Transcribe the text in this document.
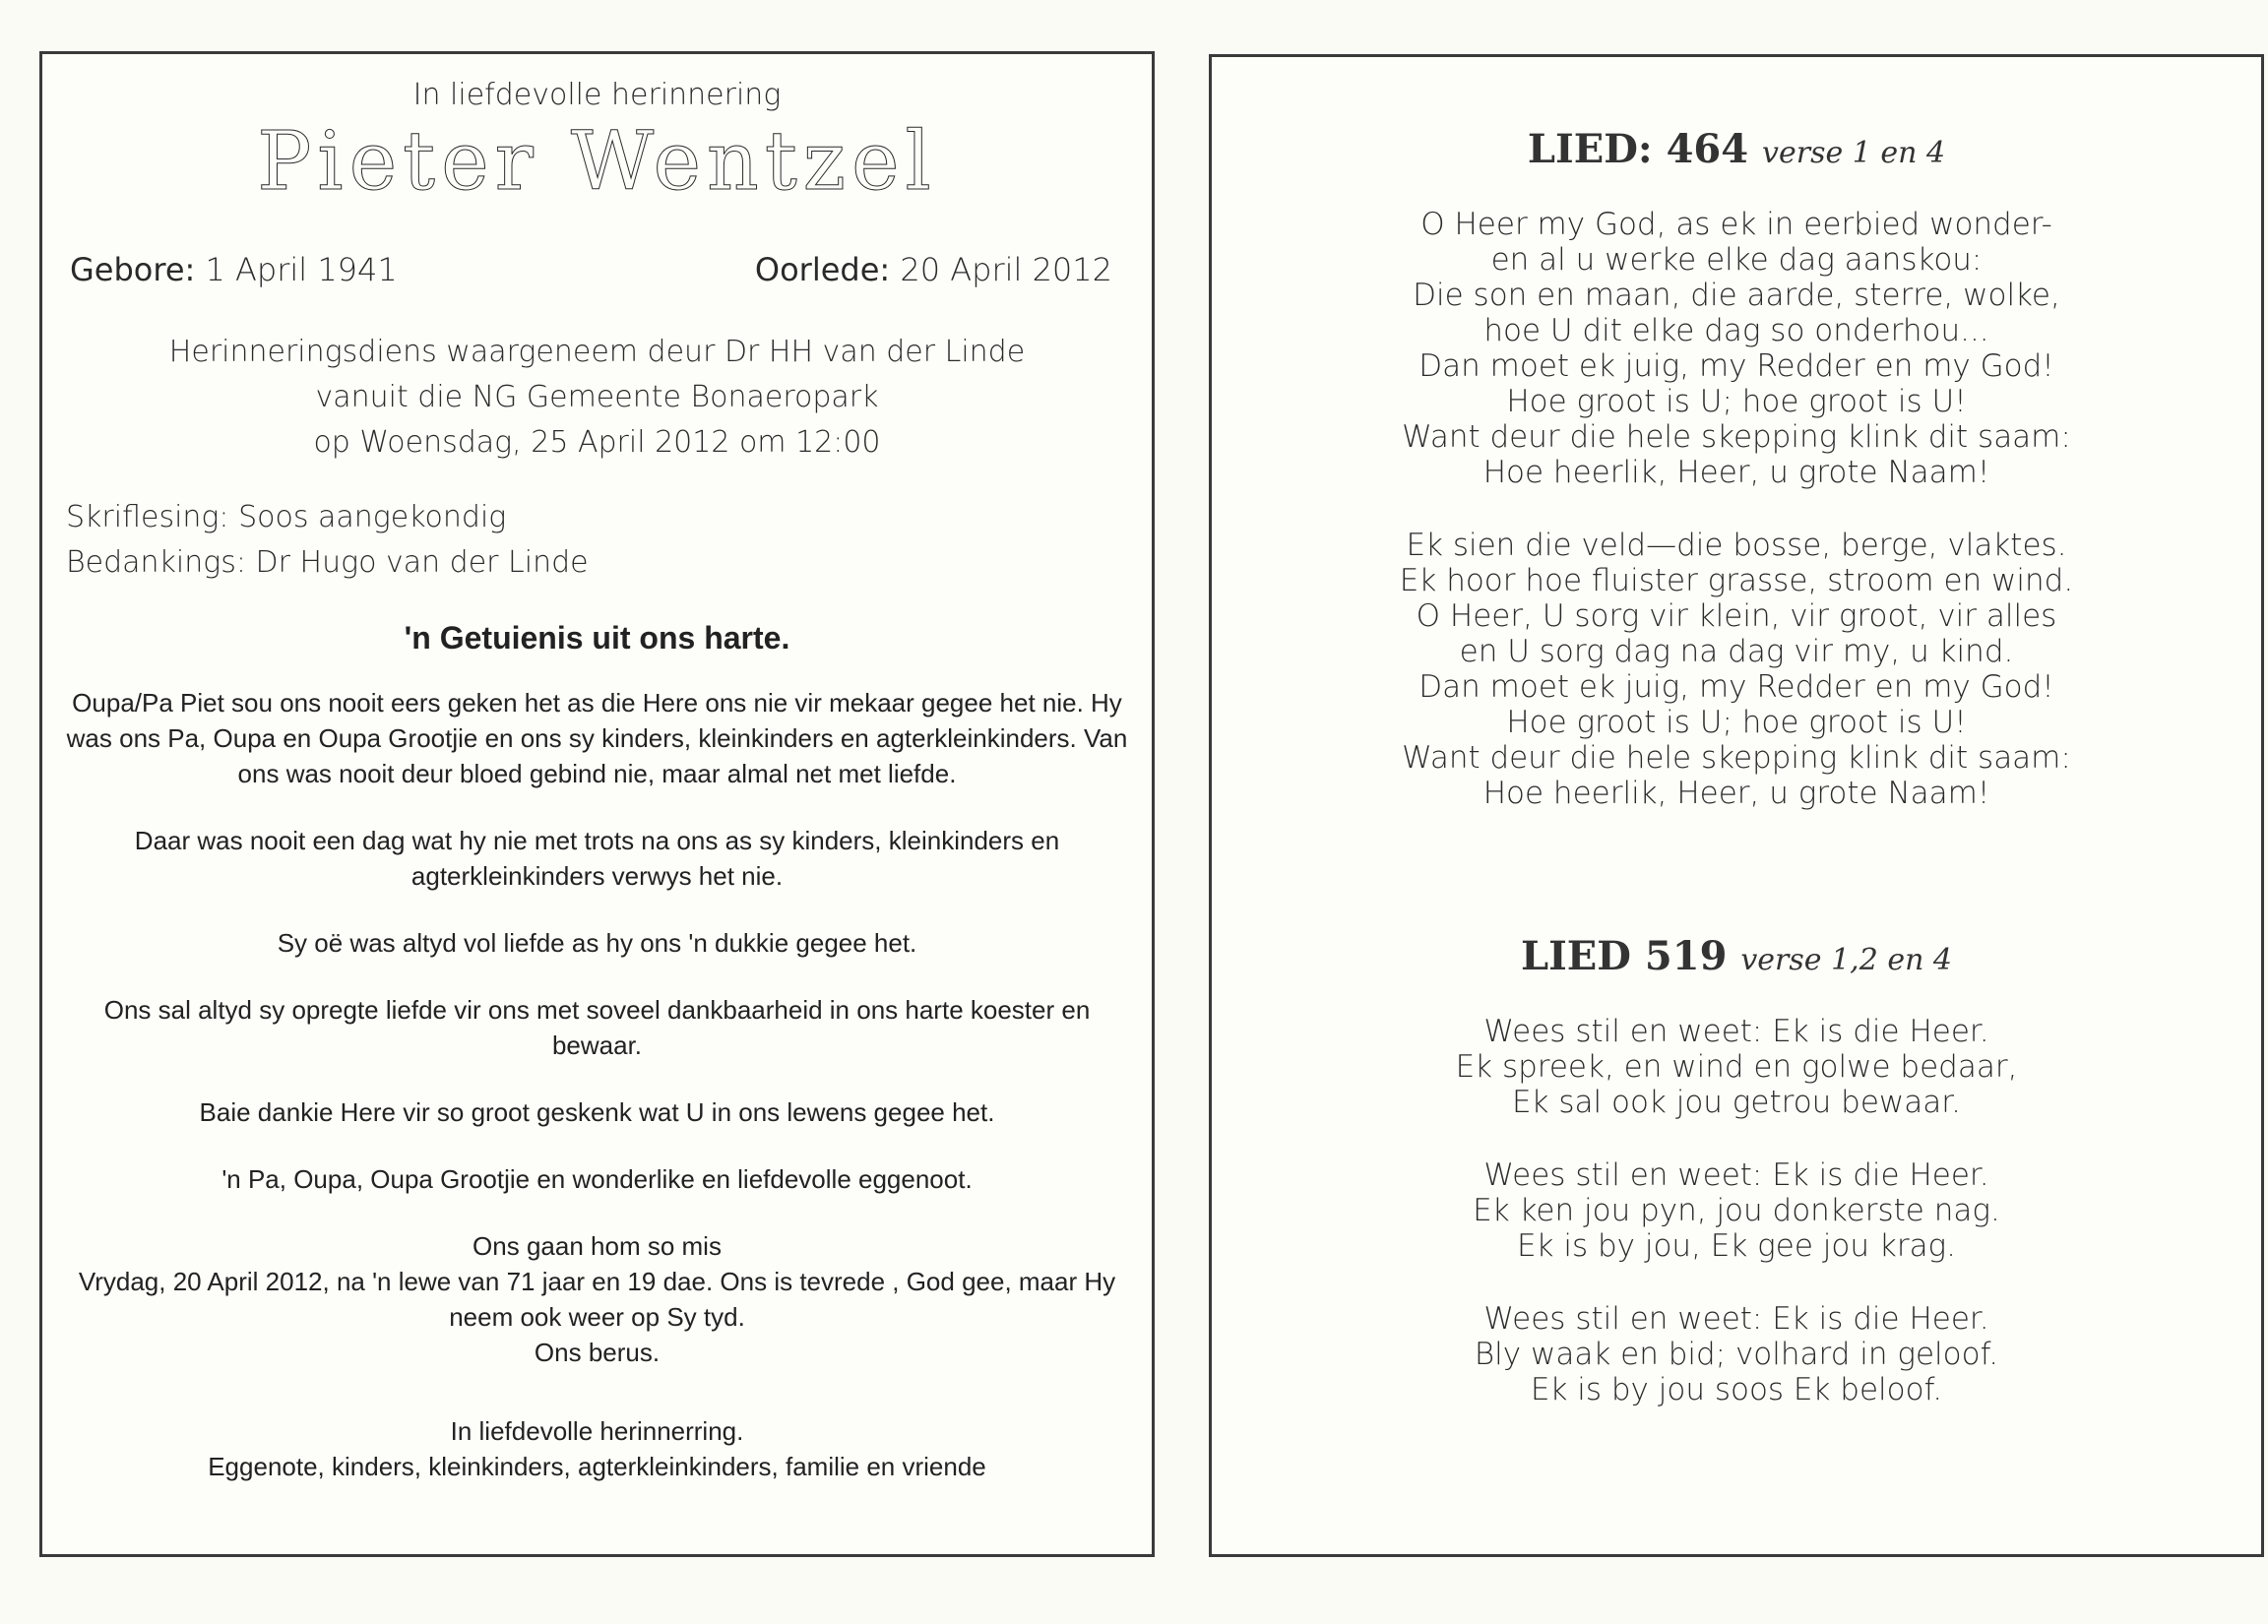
In liefdevolle herinnering
Pieter Wentzel
Gebore: 1 April 1941	Oorlede: 20 April 2012
Herinneringsdiens waargeneem deur Dr HH van der Linde
vanuit die NG Gemeente Bonaeropark
op Woensdag, 25 April 2012 om 12:00
Skriflesing: Soos aangekondig
Bedankings: Dr Hugo van der Linde
'n Getuienis uit ons harte.

Oupa/Pa Piet sou ons nooit eers geken het as die Here ons nie vir mekaar gegee het nie. Hy was ons Pa, Oupa en Oupa Grootjie en ons sy kinders, kleinkinders en agterkleinkinders. Van ons was nooit deur bloed gebind nie, maar almal net met liefde.

Daar was nooit een dag wat hy nie met trots na ons as sy kinders, kleinkinders en agterkleinkinders verwys het nie.

Sy oë was altyd vol liefde as hy ons 'n dukkie gegee het.

Ons sal altyd sy opregte liefde vir ons met soveel dankbaarheid in ons harte koester en bewaar.

Baie dankie Here vir so groot geskenk wat U in ons lewens gegee het.

'n Pa, Oupa, Oupa Grootjie en wonderlike en liefdevolle eggenoot.

Ons gaan hom so mis
Vrydag, 20 April 2012, na 'n lewe van 71 jaar en 19 dae. Ons is tevrede , God gee, maar Hy neem ook weer op Sy tyd.
Ons berus.
In liefdevolle herinnerring.
Eggenote, kinders, kleinkinders, agterkleinkinders, familie en vriende
LIED: 464 verse 1 en 4

O Heer my God, as ek in eerbied wonder-
en al u werke elke dag aanskou:
Die son en maan, die aarde, sterre, wolke,
hoe U dit elke dag so onderhou...
Dan moet ek juig, my Redder en my God!
Hoe groot is U; hoe groot is U!
Want deur die hele skepping klink dit saam:
Hoe heerlik, Heer, u grote Naam!

Ek sien die veld—die bosse, berge, vlaktes.
Ek hoor hoe fluister grasse, stroom en wind.
O Heer, U sorg vir klein, vir groot, vir alles
en U sorg dag na dag vir my, u kind.
Dan moet ek juig, my Redder en my God!
Hoe groot is U; hoe groot is U!
Want deur die hele skepping klink dit saam:
Hoe heerlik, Heer, u grote Naam!

LIED 519 verse 1,2 en 4

Wees stil en weet: Ek is die Heer.
Ek spreek, en wind en golwe bedaar,
Ek sal ook jou getrou bewaar.

Wees stil en weet: Ek is die Heer.
Ek ken jou pyn, jou donkerste nag.
Ek is by jou, Ek gee jou krag.

Wees stil en weet: Ek is die Heer.
Bly waak en bid; volhard in geloof.
Ek is by jou soos Ek beloof.
